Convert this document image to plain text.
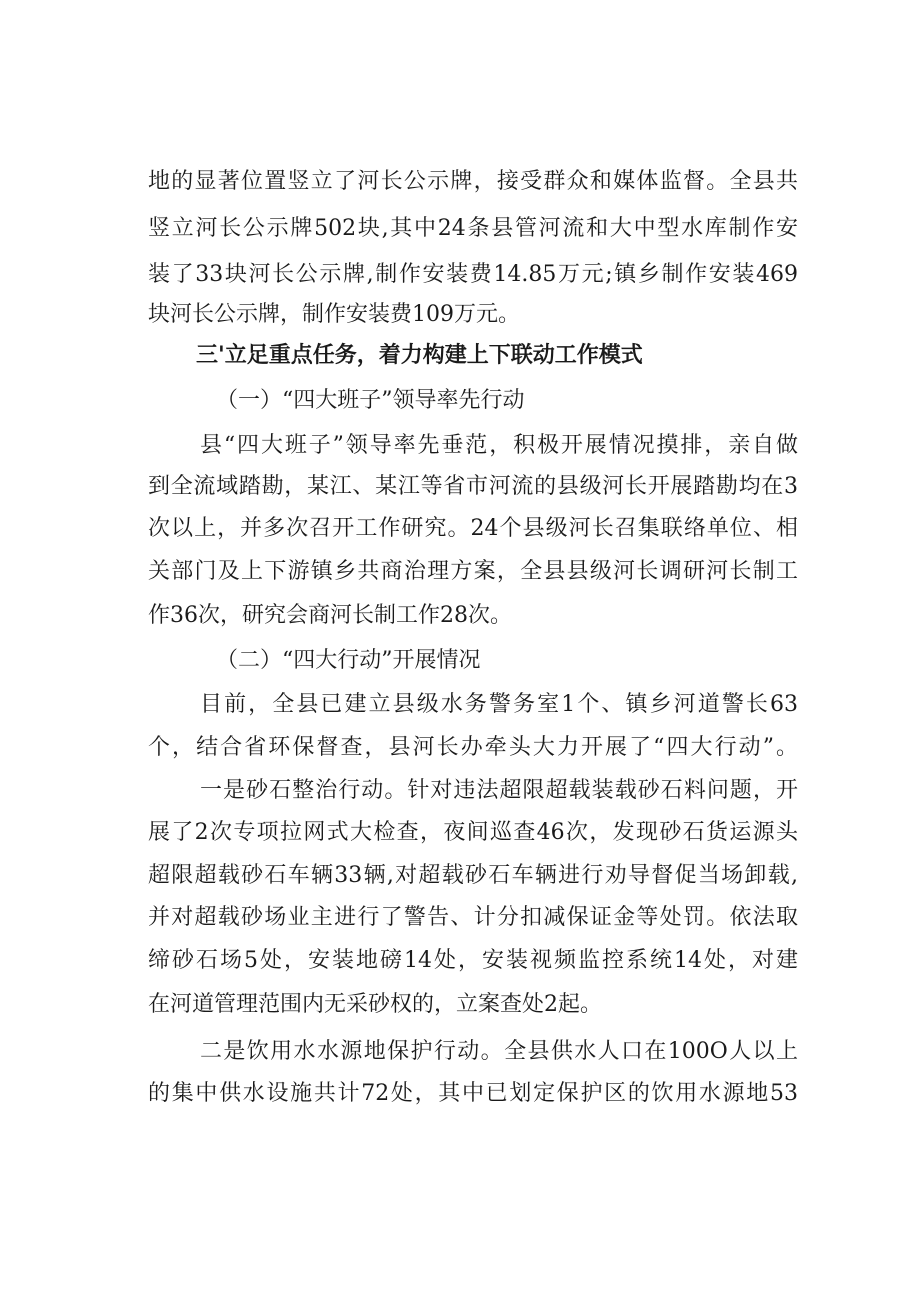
地的显著位置竖立了河长公示牌，接受群众和媒体监督。全县共
竖立河长公示牌502块,其中24条县管河流和大中型水库制作安
装了33块河长公示牌,制作安装费14.85万元;镇乡制作安装469
块河长公示牌，制作安装费109万元。
三'立足重点任务，着力构建上下联动工作模式
（一）“四大班子”领导率先行动
县“四大班子”领导率先垂范，积极开展情况摸排，亲自做
到全流域踏勘，某江、某江等省市河流的县级河长开展踏勘均在3
次以上，并多次召开工作研究。24个县级河长召集联络单位、相
关部门及上下游镇乡共商治理方案，全县县级河长调研河长制工
作36次，研究会商河长制工作28次。
（二）“四大行动”开展情况
目前，全县已建立县级水务警务室1个、镇乡河道警长63
个，结合省环保督查，县河长办牵头大力开展了“四大行动”。
一是砂石整治行动。针对违法超限超载装载砂石料问题，开
展了2次专项拉网式大检查，夜间巡查46次，发现砂石货运源头
超限超载砂石车辆33辆,对超载砂石车辆进行劝导督促当场卸载,
并对超载砂场业主进行了警告、计分扣减保证金等处罚。依法取
缔砂石场5处，安装地磅14处，安装视频监控系统14处，对建
在河道管理范围内无采砂权的，立案查处2起。
二是饮用水水源地保护行动。全县供水人口在100O人以上
的集中供水设施共计72处，其中已划定保护区的饮用水源地53
